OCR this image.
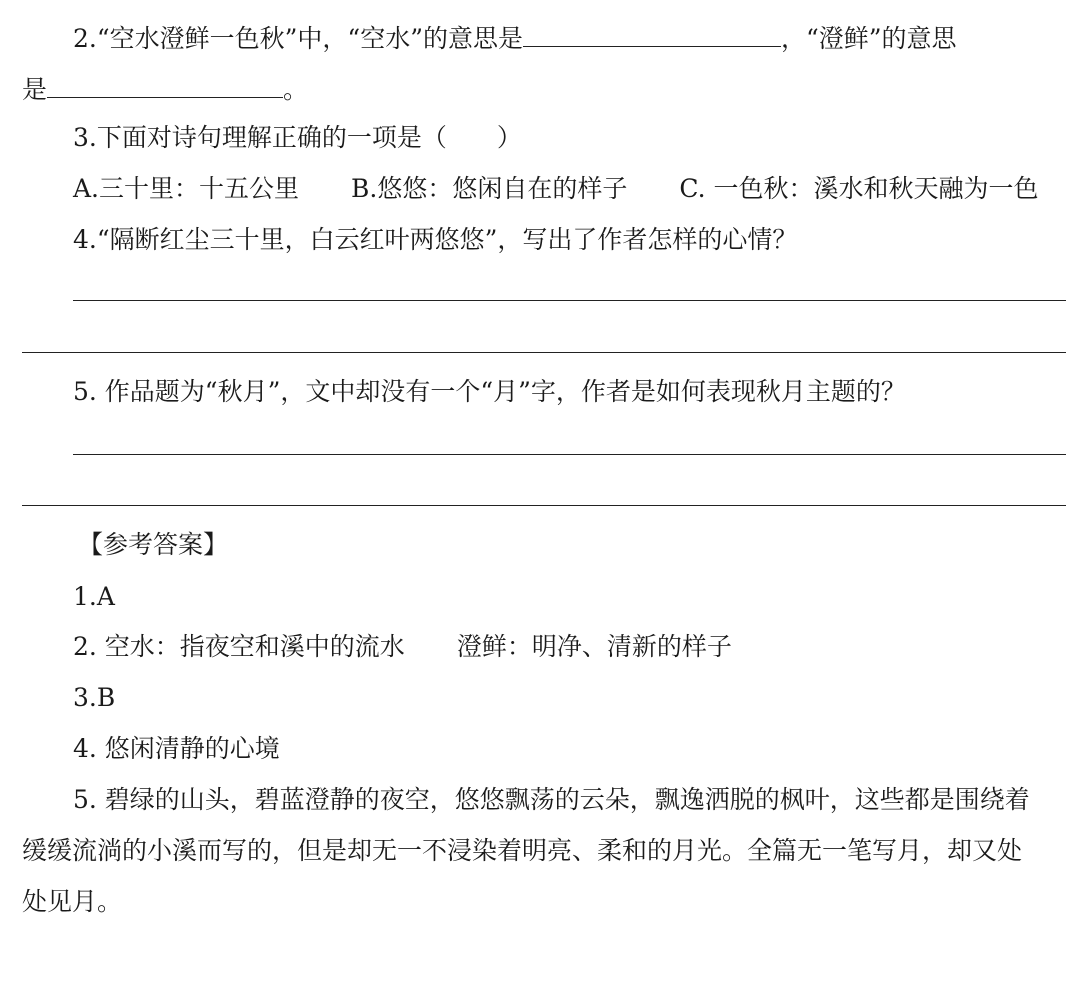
2.“空水澄鲜一色秋”中，“空水”的意思是	，“澄鲜”的意思
是	。
3.下面对诗句理解正确的一项是（ ）
A.三十里：十五公里 B.悠悠：悠闲自在的样子 C. 一色秋：溪水和秋天融为一色
4.“隔断红尘三十里，白云红叶两悠悠”，写出了作者怎样的心情？
5. 作品题为“秋月”，文中却没有一个“月”字，作者是如何表现秋月主题的？
【参考答案】
1.A
2. 空水：指夜空和溪中的流水 澄鲜：明净、清新的样子
3.B
4. 悠闲清静的心境
5. 碧绿的山头，碧蓝澄静的夜空，悠悠飘荡的云朵，飘逸洒脱的枫叶，这些都是围绕着
缓缓流淌的小溪而写的，但是却无一不浸染着明亮、柔和的月光。全篇无一笔写月，却又处
处见月。
